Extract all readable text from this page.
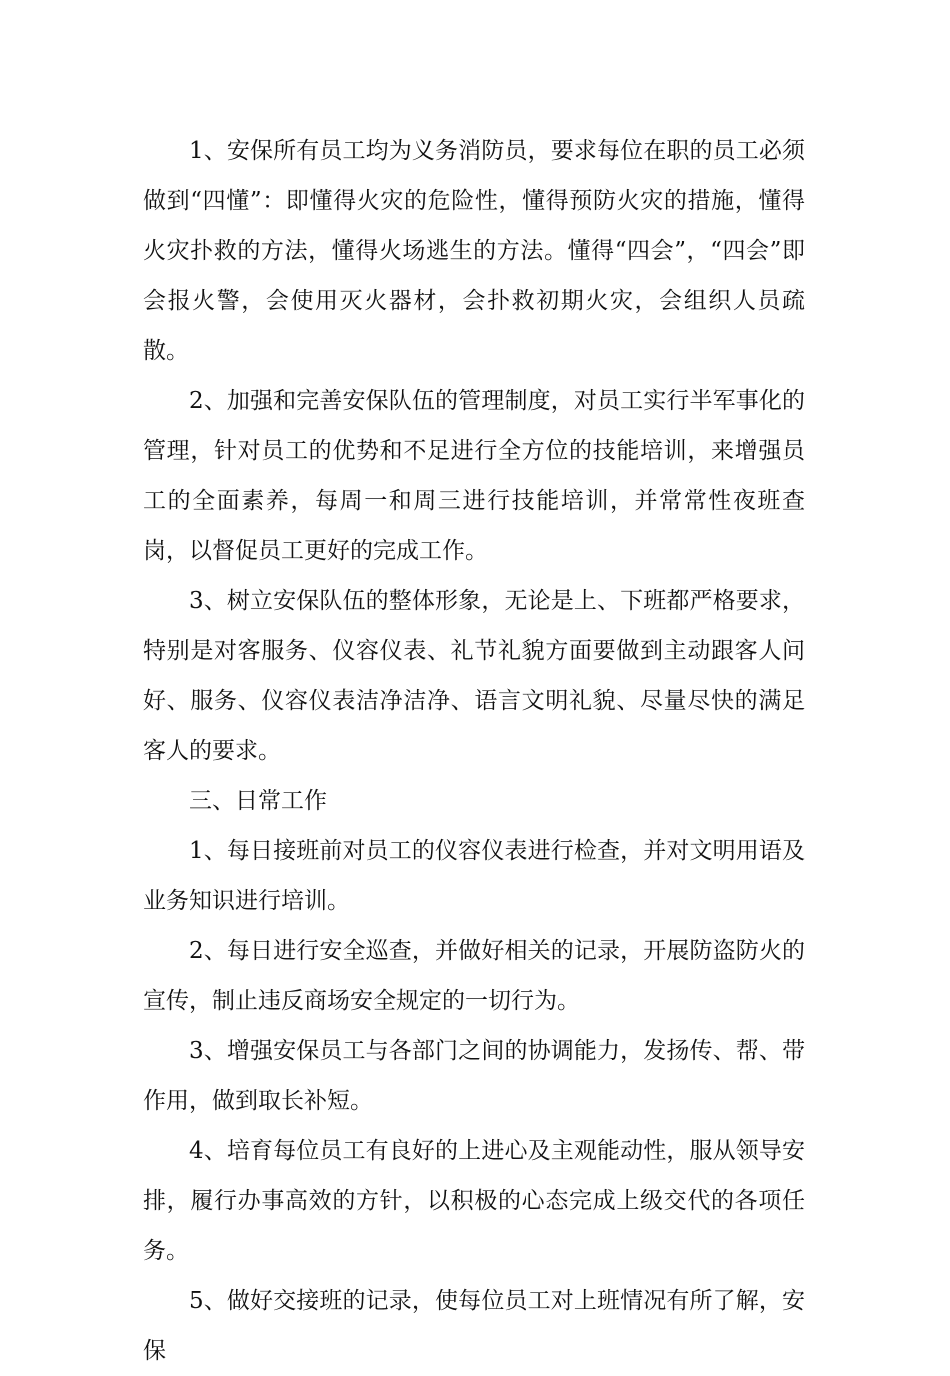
1、安保所有员工均为义务消防员，要求每位在职的员工必须做到“四懂”：即懂得火灾的危险性，懂得预防火灾的措施，懂得火灾扑救的方法，懂得火场逃生的方法。懂得“四会”，“四会”即会报火警，会使用灭火器材，会扑救初期火灾，会组织人员疏散。

2、加强和完善安保队伍的管理制度，对员工实行半军事化的管理，针对员工的优势和不足进行全方位的技能培训，来增强员工的全面素养，每周一和周三进行技能培训，并常常性夜班查岗，以督促员工更好的完成工作。

3、树立安保队伍的整体形象，无论是上、下班都严格要求，特别是对客服务、仪容仪表、礼节礼貌方面要做到主动跟客人问好、服务、仪容仪表洁净洁净、语言文明礼貌、尽量尽快的满足客人的要求。

三、日常工作

1、每日接班前对员工的仪容仪表进行检查，并对文明用语及业务知识进行培训。

2、每日进行安全巡查，并做好相关的记录，开展防盗防火的宣传，制止违反商场安全规定的一切行为。

3、增强安保员工与各部门之间的协调能力，发扬传、帮、带作用，做到取长补短。

4、培育每位员工有良好的上进心及主观能动性，服从领导安排，履行办事高效的方针，以积极的心态完成上级交代的各项任务。

5、做好交接班的记录，使每位员工对上班情况有所了解，安保
